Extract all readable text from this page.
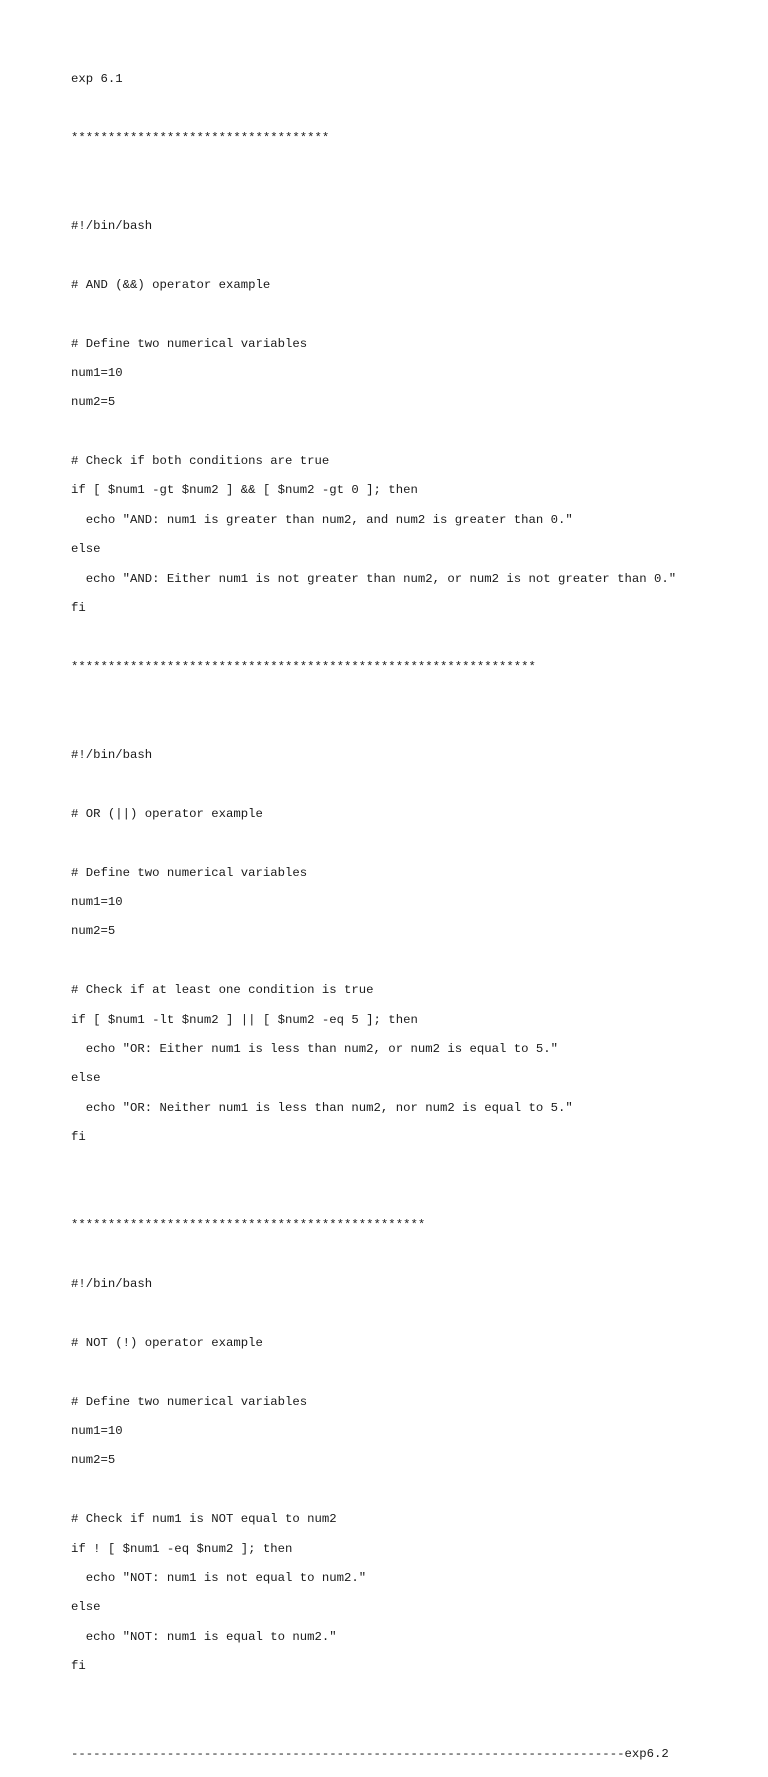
exp 6.1

***********************************

#!/bin/bash

# AND (&&) operator example

# Define two numerical variables

num1=10

num2=5

# Check if both conditions are true

if [ $num1 -gt $num2 ] && [ $num2 -gt 0 ]; then

echo "AND: num1 is greater than num2, and num2 is greater than 0."

else

echo "AND: Either num1 is not greater than num2, or num2 is not greater than 0."

fi

***************************************************************

#!/bin/bash

# OR (||) operator example

# Define two numerical variables

num1=10

num2=5

# Check if at least one condition is true

if [ $num1 -lt $num2 ] || [ $num2 -eq 5 ]; then

echo "OR: Either num1 is less than num2, or num2 is equal to 5."

else

echo "OR: Neither num1 is less than num2, nor num2 is equal to 5."

fi

************************************************

#!/bin/bash

# NOT (!) operator example

# Define two numerical variables

num1=10

num2=5

# Check if num1 is NOT equal to num2

if ! [ $num1 -eq $num2 ]; then

echo "NOT: num1 is not equal to num2."

else

echo "NOT: num1 is equal to num2."

fi

---------------------------------------------------------------------------exp6.2
